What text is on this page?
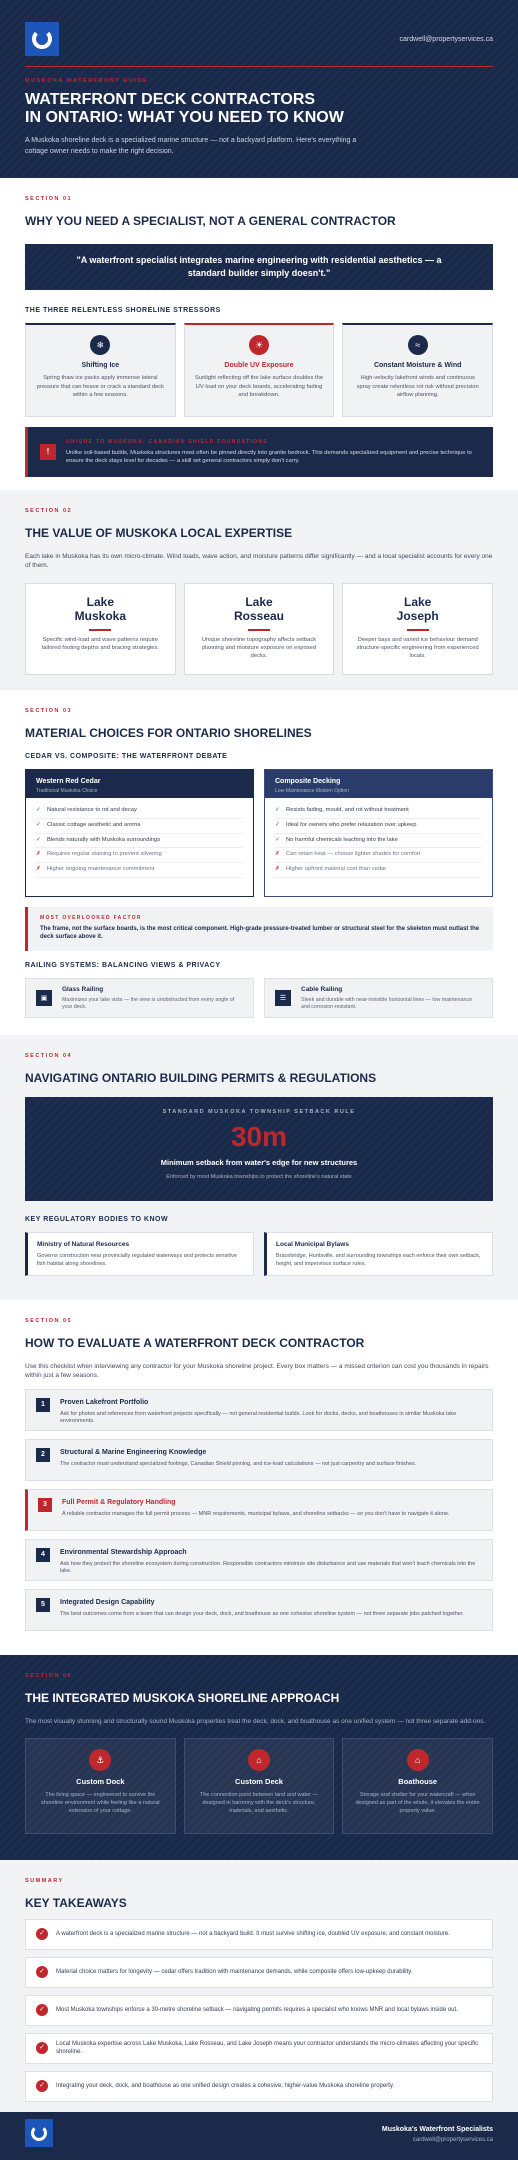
cardwell@propertyservices.ca
MUSKOKA WATERFRONT GUIDE
WATERFRONT DECK CONTRACTORS
IN ONTARIO: WHAT YOU NEED TO KNOW
A Muskoka shoreline deck is a specialized marine structure — not a backyard platform. Here's everything a cottage owner needs to make the right decision.
SECTION 01
WHY YOU NEED A SPECIALIST, NOT A GENERAL CONTRACTOR
"A waterfront specialist integrates marine engineering with residential aesthetics — a standard builder simply doesn't."
THE THREE RELENTLESS SHORELINE STRESSORS
❄
Shifting Ice

Spring thaw ice packs apply immense lateral pressure that can heave or crack a standard deck within a few seasons.

☀
Double UV Exposure

Sunlight reflecting off the lake surface doubles the UV load on your deck boards, accelerating fading and breakdown.

≈
Constant Moisture & Wind

High-velocity lakefront winds and continuous spray create relentless rot risk without precision airflow planning.

!
UNIQUE TO MUSKOKA: CANADIAN SHIELD FOUNDATIONS
Unlike soil-based builds, Muskoka structures most often be pinned directly into granite bedrock. This demands specialized equipment and precise technique to ensure the deck stays level for decades — a skill set general contractors simply don't carry.
SECTION 02
THE VALUE OF MUSKOKA LOCAL EXPERTISE
Each lake in Muskoka has its own micro-climate. Wind loads, wave action, and moisture patterns differ significantly — and a local specialist accounts for every one of them.
Lake
Muskoka

Specific wind-load and wave patterns require tailored footing depths and bracing strategies.

Lake
Rosseau

Unique shoreline topography affects setback planning and moisture exposure on exposed decks.

Lake
Joseph

Deeper bays and varied ice behaviour demand structure-specific engineering from experienced locals.

SECTION 03
MATERIAL CHOICES FOR ONTARIO SHORELINES
CEDAR VS. COMPOSITE: THE WATERFRONT DEBATE
Western Red Cedar
Traditional Muskoka Choice
✓ Natural resistance to rot and decay
✓ Classic cottage aesthetic and aroma
✓ Blends naturally with Muskoka surroundings
✗ Requires regular staining to prevent silvering
✗ Higher ongoing maintenance commitment
Composite Decking
Low-Maintenance Modern Option
✓ Resists fading, mould, and rot without treatment
✓ Ideal for owners who prefer relaxation over upkeep
✓ No harmful chemicals leaching into the lake
✗ Can retain heat — choose lighter shades for comfort
✗ Higher upfront material cost than cedar
MOST OVERLOOKED FACTOR
The frame, not the surface boards, is the most critical component. High-grade pressure-treated lumber or structural steel for the skeleton must outlast the deck surface above it.
RAILING SYSTEMS: BALANCING VIEWS & PRIVACY
▣
Glass Railing

Maximizes your lake vista — the view is unobstructed from every angle of your deck.

☰
Cable Railing

Sleek and durable with near-invisible horizontal lines — low maintenance and corrosion-resistant.

SECTION 04
NAVIGATING ONTARIO BUILDING PERMITS & REGULATIONS
STANDARD MUSKOKA TOWNSHIP SETBACK RULE
30m
Minimum setback from water's edge for new structures
Enforced by most Muskoka townships to protect the shoreline's natural state
KEY REGULATORY BODIES TO KNOW
Ministry of Natural Resources

Governs construction near provincially regulated waterways and protects sensitive fish habitat along shorelines.

Local Municipal Bylaws

Bracebridge, Huntsville, and surrounding townships each enforce their own setback, height, and impervious surface rules.

SECTION 05
HOW TO EVALUATE A WATERFRONT DECK CONTRACTOR
Use this checklist when interviewing any contractor for your Muskoka shoreline project. Every box matters — a missed criterion can cost you thousands in repairs within just a few seasons.
1	Proven Lakefront Portfolio

Ask for photos and references from waterfront projects specifically — not general residential builds. Look for docks, decks, and boathouses in similar Muskoka lake environments.

2	Structural & Marine Engineering Knowledge

The contractor must understand specialized footings, Canadian Shield pinning, and ice-load calculations — not just carpentry and surface finishes.

3	Full Permit & Regulatory Handling

A reliable contractor manages the full permit process — MNR requirements, municipal bylaws, and shoreline setbacks — so you don't have to navigate it alone.

4	Environmental Stewardship Approach

Ask how they protect the shoreline ecosystem during construction. Responsible contractors minimize site disturbance and use materials that won't leach chemicals into the lake.

5	Integrated Design Capability

The best outcomes come from a team that can design your deck, dock, and boathouse as one cohesive shoreline system — not three separate jobs patched together.

SECTION 06
THE INTEGRATED MUSKOKA SHORELINE APPROACH
The most visually stunning and structurally sound Muskoka properties treat the deck, dock, and boathouse as one unified system — not three separate add-ons.
⚓
Custom Dock

The living space — engineered to survive the shoreline environment while feeling like a natural extension of your cottage.

⌂
Custom Deck

The connection point between land and water — designed in harmony with the deck's structure, materials, and aesthetic.

⌂
Boathouse

Storage and shelter for your watercraft — when designed as part of the whole, it elevates the entire property value.

SUMMARY
KEY TAKEAWAYS
✓	A waterfront deck is a specialized marine structure — not a backyard build. It must survive shifting ice, doubled UV exposure, and constant moisture.

✓	Material choice matters for longevity — cedar offers tradition with maintenance demands, while composite offers low-upkeep durability.

✓	Most Muskoka townships enforce a 30-metre shoreline setback — navigating permits requires a specialist who knows MNR and local bylaws inside out.

✓

Local Muskoka expertise across Lake Muskoka, Lake Rosseau, and Lake Joseph means your contractor understands the micro-climates affecting your specific shoreline.

✓	Integrating your deck, dock, and boathouse as one unified design creates a cohesive, higher-value Muskoka shoreline property.

Muskoka's Waterfront Specialists
cardwell@propertyservices.ca
